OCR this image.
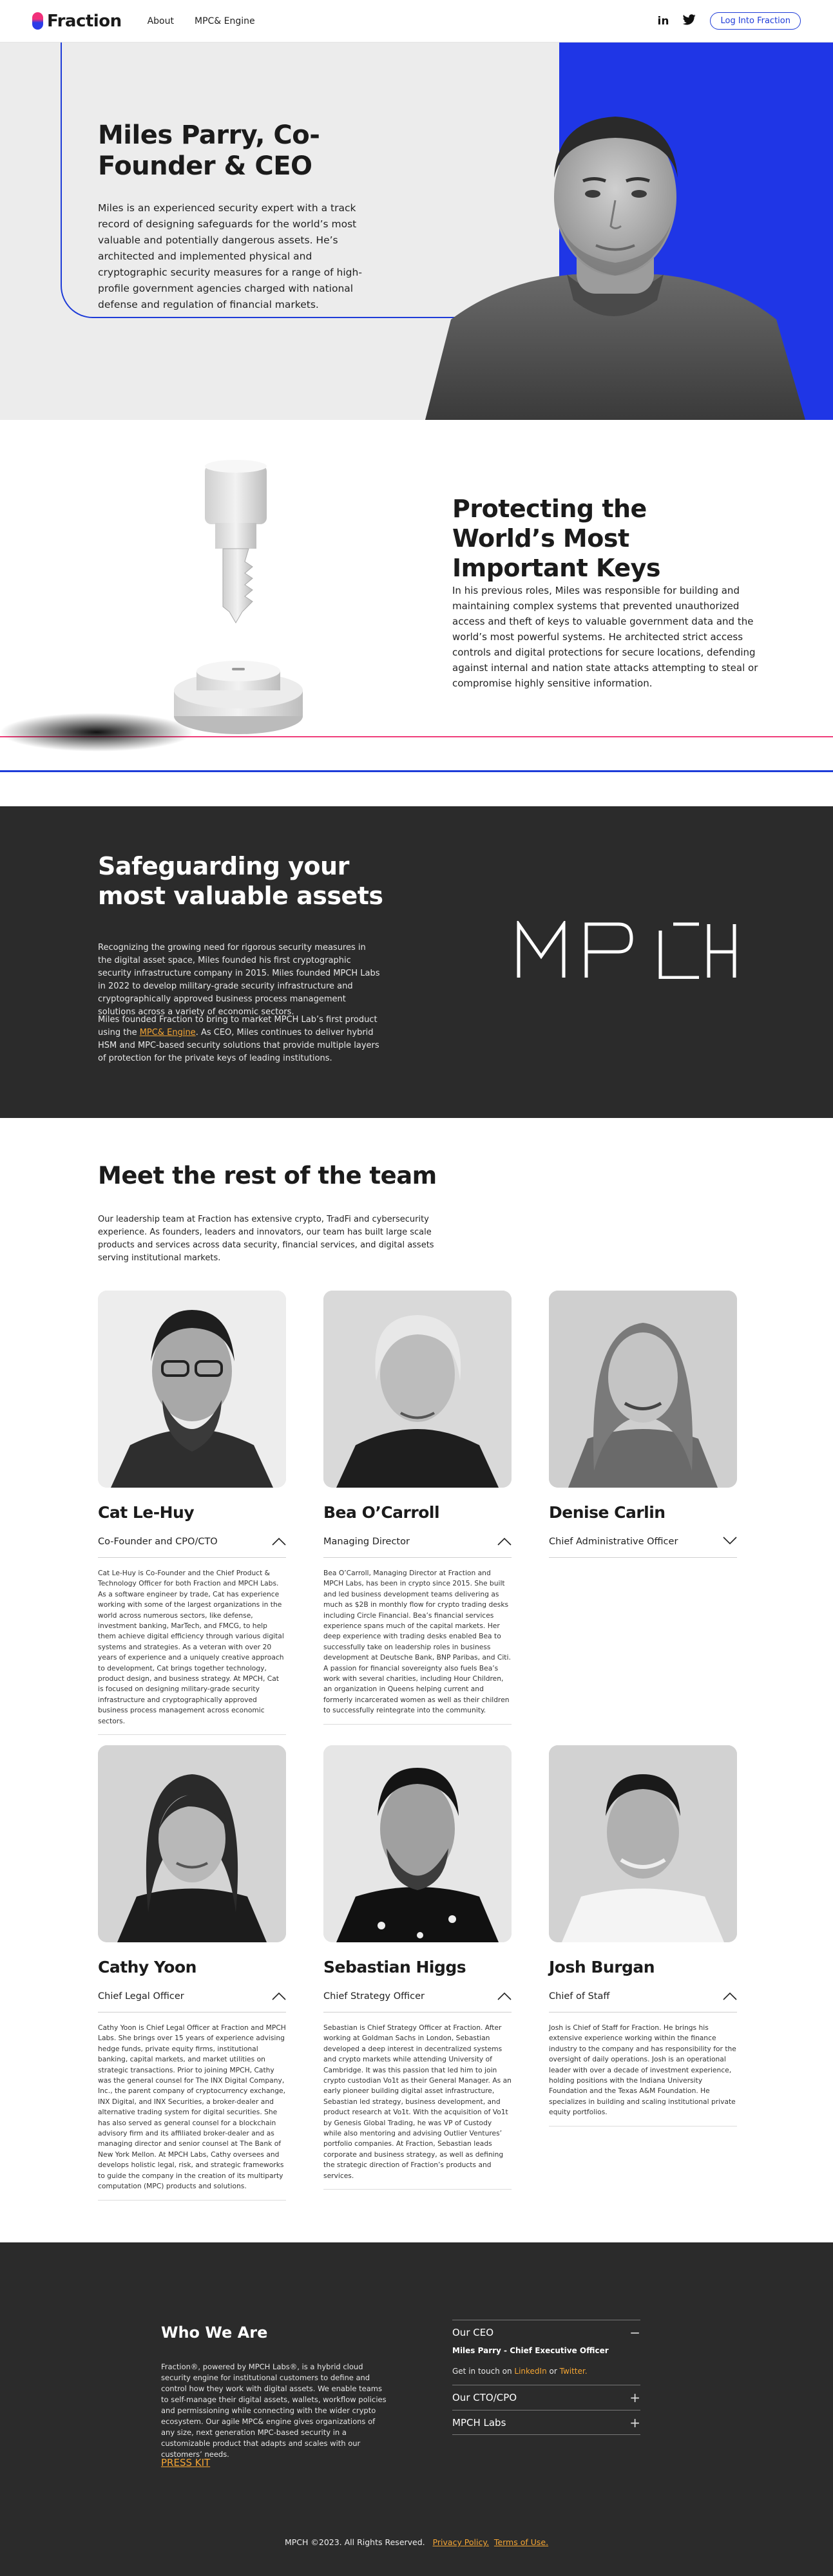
Fraction	About MPC& Engine	in	Log Into Fraction
Miles Parry, Co-Founder & CEO

Miles is an experienced security expert with a track record of designing safeguards for the world’s most valuable and potentially dangerous assets. He’s architected and implemented physical and cryptographic security measures for a range of high-profile government agencies charged with national defense and regulation of financial markets.

Protecting the World’s Most Important Keys

In his previous roles, Miles was responsible for building and maintaining complex systems that prevented unauthorized access and theft of keys to valuable government data and the world’s most powerful systems. He architected strict access controls and digital protections for secure locations, defending against internal and nation state attacks attempting to steal or compromise highly sensitive information.

Safeguarding your most valuable assets

Recognizing the growing need for rigorous security measures in the digital asset space, Miles founded his first cryptographic security infrastructure company in 2015. Miles founded MPCH Labs in 2022 to develop military-grade security infrastructure and cryptographically approved business process management solutions across a variety of economic sectors.

Miles founded Fraction to bring to market MPCH Lab’s first product using the MPC& Engine. As CEO, Miles continues to deliver hybrid HSM and MPC-based security solutions that provide multiple layers of protection for the private keys of leading institutions.

Meet the rest of the team

Our leadership team at Fraction has extensive crypto, TradFi and cybersecurity experience. As founders, leaders and innovators, our team has built large scale products and services across data security, financial services, and digital assets serving institutional markets.

Cat Le-Huy
Co-Founder and CPO/CTO
Cat Le-Huy is Co-Founder and the Chief Product & Technology Officer for both Fraction and MPCH Labs. As a software engineer by trade, Cat has experience working with some of the largest organizations in the world across numerous sectors, like defense, investment banking, MarTech, and FMCG, to help them achieve digital efficiency through various digital systems and strategies. As a veteran with over 20 years of experience and a uniquely creative approach to development, Cat brings together technology, product design, and business strategy. At MPCH, Cat is focused on designing military-grade security infrastructure and cryptographically approved business process management across economic sectors.
Bea O’Carroll
Managing Director
Bea O’Carroll, Managing Director at Fraction and MPCH Labs, has been in crypto since 2015. She built and led business development teams delivering as much as $2B in monthly flow for crypto trading desks including Circle Financial. Bea’s financial services experience spans much of the capital markets. Her deep experience with trading desks enabled Bea to successfully take on leadership roles in business development at Deutsche Bank, BNP Paribas, and Citi. A passion for financial sovereignty also fuels Bea’s work with several charities, including Hour Children, an organization in Queens helping current and formerly incarcerated women as well as their children to successfully reintegrate into the community.
Denise Carlin
Chief Administrative Officer
Cathy Yoon
Chief Legal Officer
Cathy Yoon is Chief Legal Officer at Fraction and MPCH Labs. She brings over 15 years of experience advising hedge funds, private equity firms, institutional banking, capital markets, and market utilities on strategic transactions. Prior to joining MPCH, Cathy was the general counsel for The INX Digital Company, Inc., the parent company of cryptocurrency exchange, INX Digital, and INX Securities, a broker-dealer and alternative trading system for digital securities. She has also served as general counsel for a blockchain advisory firm and its affiliated broker-dealer and as managing director and senior counsel at The Bank of New York Mellon. At MPCH Labs, Cathy oversees and develops holistic legal, risk, and strategic frameworks to guide the company in the creation of its multiparty computation (MPC) products and solutions.
Sebastian Higgs
Chief Strategy Officer
Sebastian is Chief Strategy Officer at Fraction. After working at Goldman Sachs in London, Sebastian developed a deep interest in decentralized systems and crypto markets while attending University of Cambridge. It was this passion that led him to join crypto custodian Vo1t as their General Manager. As an early pioneer building digital asset infrastructure, Sebastian led strategy, business development, and product research at Vo1t. With the acquisition of Vo1t by Genesis Global Trading, he was VP of Custody while also mentoring and advising Outlier Ventures’ portfolio companies. At Fraction, Sebastian leads corporate and business strategy, as well as defining the strategic direction of Fraction’s products and services.
Josh Burgan
Chief of Staff
Josh is Chief of Staff for Fraction. He brings his extensive experience working within the finance industry to the company and has responsibility for the oversight of daily operations. Josh is an operational leader with over a decade of investment experience, holding positions with the Indiana University Foundation and the Texas A&M Foundation. He specializes in building and scaling institutional private equity portfolios.
Who We Are

Fraction®, powered by MPCH Labs®, is a hybrid cloud security engine for institutional customers to define and control how they work with digital assets. We enable teams to self-manage their digital assets, wallets, workflow policies and permissioning while connecting with the wider crypto ecosystem. Our agile MPC& engine gives organizations of any size, next generation MPC-based security in a customizable product that adapts and scales with our customers’ needs.

PRESS KIT
Our CEO	−
Miles Parry - Chief Executive Officer
Get in touch on LinkedIn or Twitter.
Our CTO/CPO	+
MPCH Labs	+
MPCH ©2023. All Rights Reserved. Privacy Policy. Terms of Use.
